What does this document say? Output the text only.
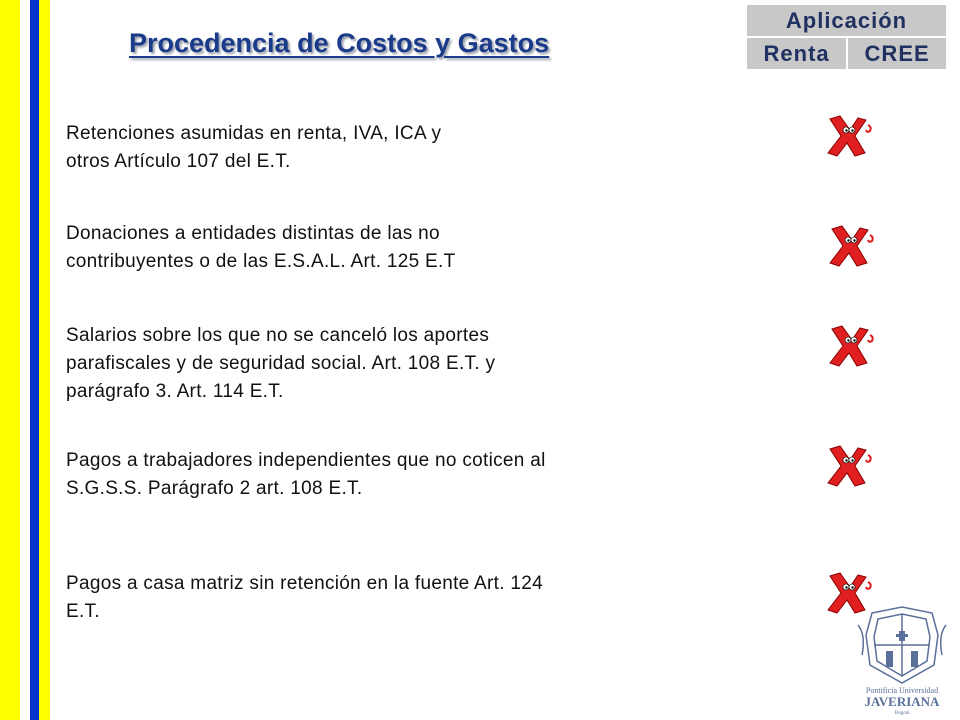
Procedencia de Costos y Gastos
Aplicación
Renta	CREE
Retenciones asumidas en renta, IVA, ICA y
otros Artículo 107 del E.T.
Donaciones a entidades distintas de las no
contribuyentes o de las E.S.A.L. Art. 125 E.T
Salarios sobre los que no se canceló los aportes
parafiscales y de seguridad social. Art. 108 E.T. y
parágrafo 3. Art. 114 E.T.
Pagos a trabajadores independientes que no coticen al
S.G.S.S. Parágrafo 2 art. 108 E.T.
Pagos a casa matriz sin retención en la fuente Art. 124
E.T.
Pontificia Universidad
JAVERIANA
Bogotá
